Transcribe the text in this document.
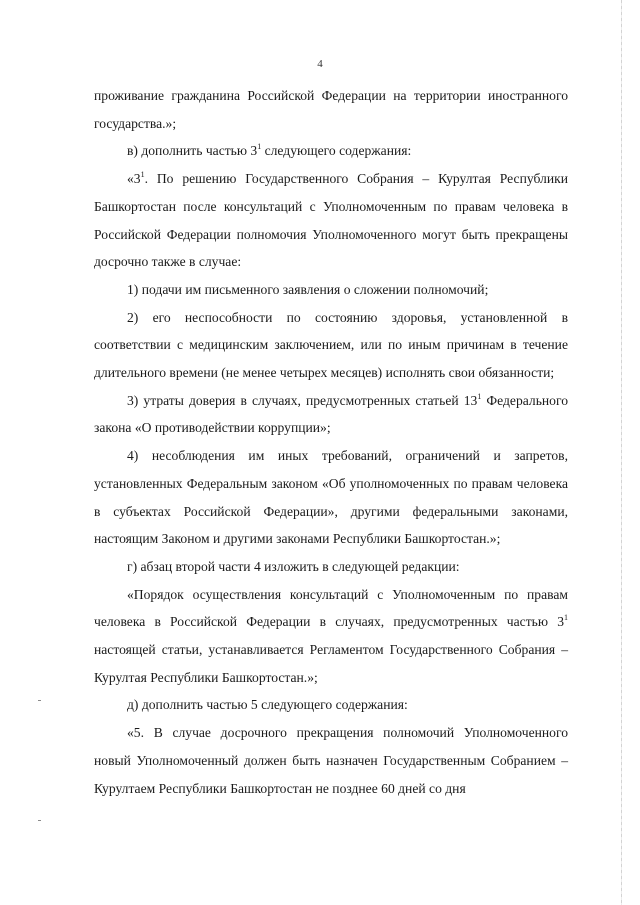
4

проживание гражданина Российской Федерации на территории иностранного государства.»;

в) дополнить частью $3^1$ следующего содержания:

«$3^1$. По решению Государственного Собрания – Курултая Республики Башкортостан после консультаций с Уполномоченным по правам человека в Российской Федерации полномочия Уполномоченного могут быть прекращены досрочно также в случае:

1) подачи им письменного заявления о сложении полномочий;

2) его неспособности по состоянию здоровья, установленной в соответствии с медицинским заключением, или по иным причинам в течение длительного времени (не менее четырех месяцев) исполнять свои обязанности;

3) утраты доверия в случаях, предусмотренных статьей $13^1$ Федерального закона «О противодействии коррупции»;

4) несоблюдения им иных требований, ограничений и запретов, установленных Федеральным законом «Об уполномоченных по правам человека в субъектах Российской Федерации», другими федеральными законами, настоящим Законом и другими законами Республики Башкортостан.»;

г) абзац второй части 4 изложить в следующей редакции:

«Порядок осуществления консультаций с Уполномоченным по правам человека в Российской Федерации в случаях, предусмотренных частью $3^1$ настоящей статьи, устанавливается Регламентом Государственного Собрания – Курултая Республики Башкортостан.»;

д) дополнить частью 5 следующего содержания:

«5. В случае досрочного прекращения полномочий Уполномоченного новый Уполномоченный должен быть назначен Государственным Собранием – Курултаем Республики Башкортостан не позднее 60 дней со дня
